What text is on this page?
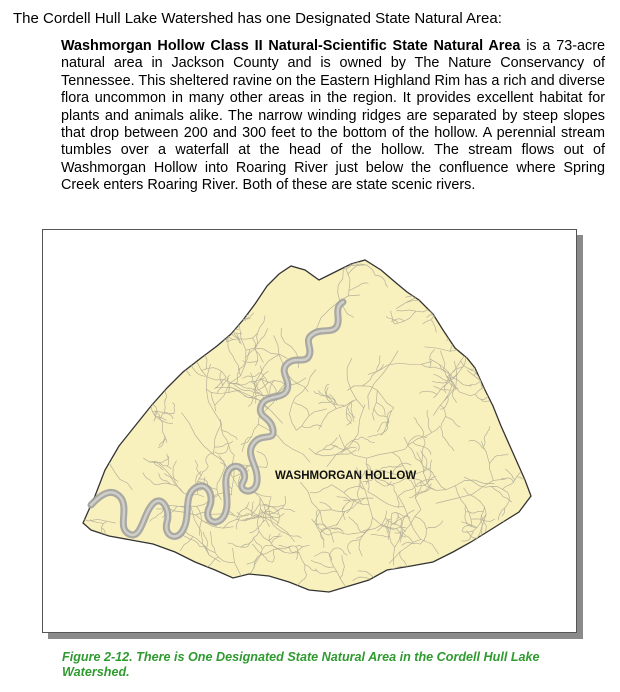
The Cordell Hull Lake Watershed has one Designated State Natural Area:
Washmorgan Hollow Class II Natural-Scientific State Natural Area is a 73-acre natural area in Jackson County and is owned by The Nature Conservancy of Tennessee. This sheltered ravine on the Eastern Highland Rim has a rich and diverse flora uncommon in many other areas in the region. It provides excellent habitat for plants and animals alike. The narrow winding ridges are separated by steep slopes that drop between 200 and 300 feet to the bottom of the hollow. A perennial stream tumbles over a waterfall at the head of the hollow. The stream flows out of Washmorgan Hollow into Roaring River just below the confluence where Spring Creek enters Roaring River. Both of these are state scenic rivers.
WASHMORGAN HOLLOW
Figure 2-12. There is One Designated State Natural Area in the Cordell Hull Lake Watershed.
